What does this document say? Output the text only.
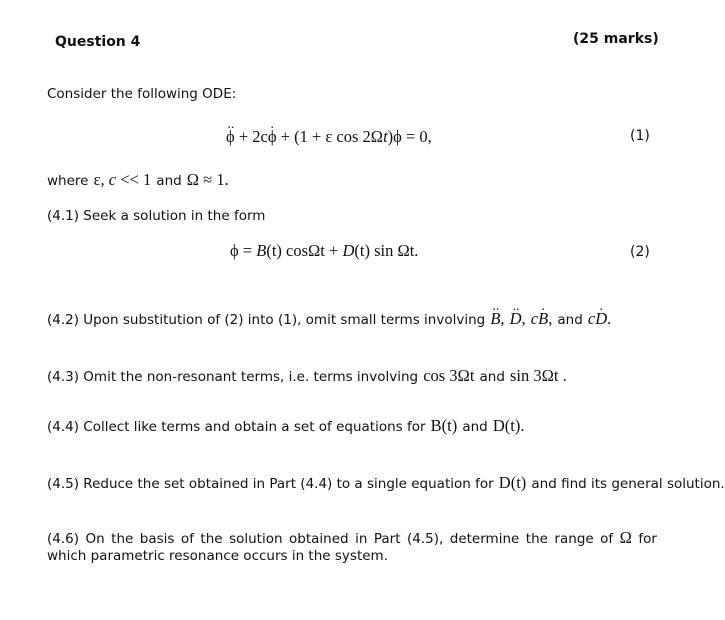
Question 4	(25 marks)
Consider the following ODE:
ϕ ·· + 2cϕ · + (1 + ε cos 2Ωt)ϕ = 0,	(1)
where ε, c << 1 and Ω ≈ 1.
(4.1) Seek a solution in the form
ϕ = B(t) cosΩt + D(t) sin Ωt.	(2)
(4.2) Upon substitution of (2) into (1), omit small terms involving B ··, D ··, cB ·, and cD ·.
(4.3) Omit the non-resonant terms, i.e. terms involving cos 3Ωt and sin 3Ωt .
(4.4) Collect like terms and obtain a set of equations for B(t) and D(t).
(4.5) Reduce the set obtained in Part (4.4) to a single equation for D(t) and find its general solution.
(4.6) On the basis of the solution obtained in Part (4.5), determine the range of Ω for which parametric resonance occurs in the system.
